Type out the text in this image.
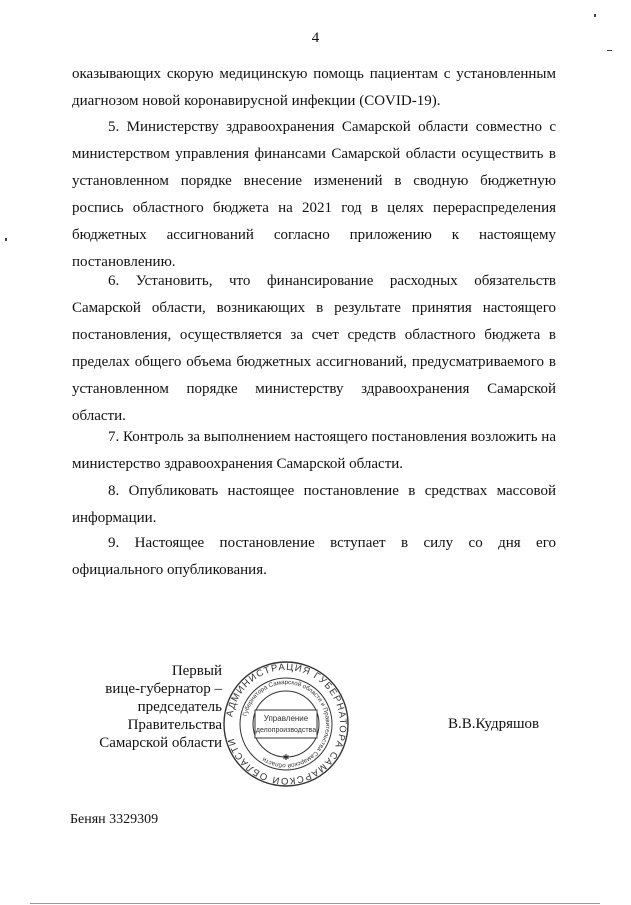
4

оказывающих скорую медицинскую помощь пациентам с установленным диагнозом новой коронавирусной инфекции (COVID-19).

5. Министерству здравоохранения Самарской области совместно с министерством управления финансами Самарской области осуществить в установленном порядке внесение изменений в сводную бюджетную роспись областного бюджета на 2021 год в целях перераспределения бюджетных ассигнований согласно приложению к настоящему постановлению.

6. Установить, что финансирование расходных обязательств Самарской области, возникающих в результате принятия настоящего постановления, осуществляется за счет средств областного бюджета в пределах общего объема бюджетных ассигнований, предусматриваемого в установленном порядке министерству здравоохранения Самарской области.

7. Контроль за выполнением настоящего постановления возложить на министерство здравоохранения Самарской области.

8. Опубликовать настоящее постановление в средствах массовой информации.

9. Настоящее постановление вступает в силу со дня его официального опубликования.

Первый
вице-губернатор –
председатель Правительства
Самарской области
АДМИНИСТРАЦИЯ ГУБЕРНАТОРА САМАРСКОЙ ОБЛАСТИ
Губернатора Самарской области и Правительства Самарской области
Управление
делопроизводства
✱
В.В.Кудряшов
Бенян 3329309
